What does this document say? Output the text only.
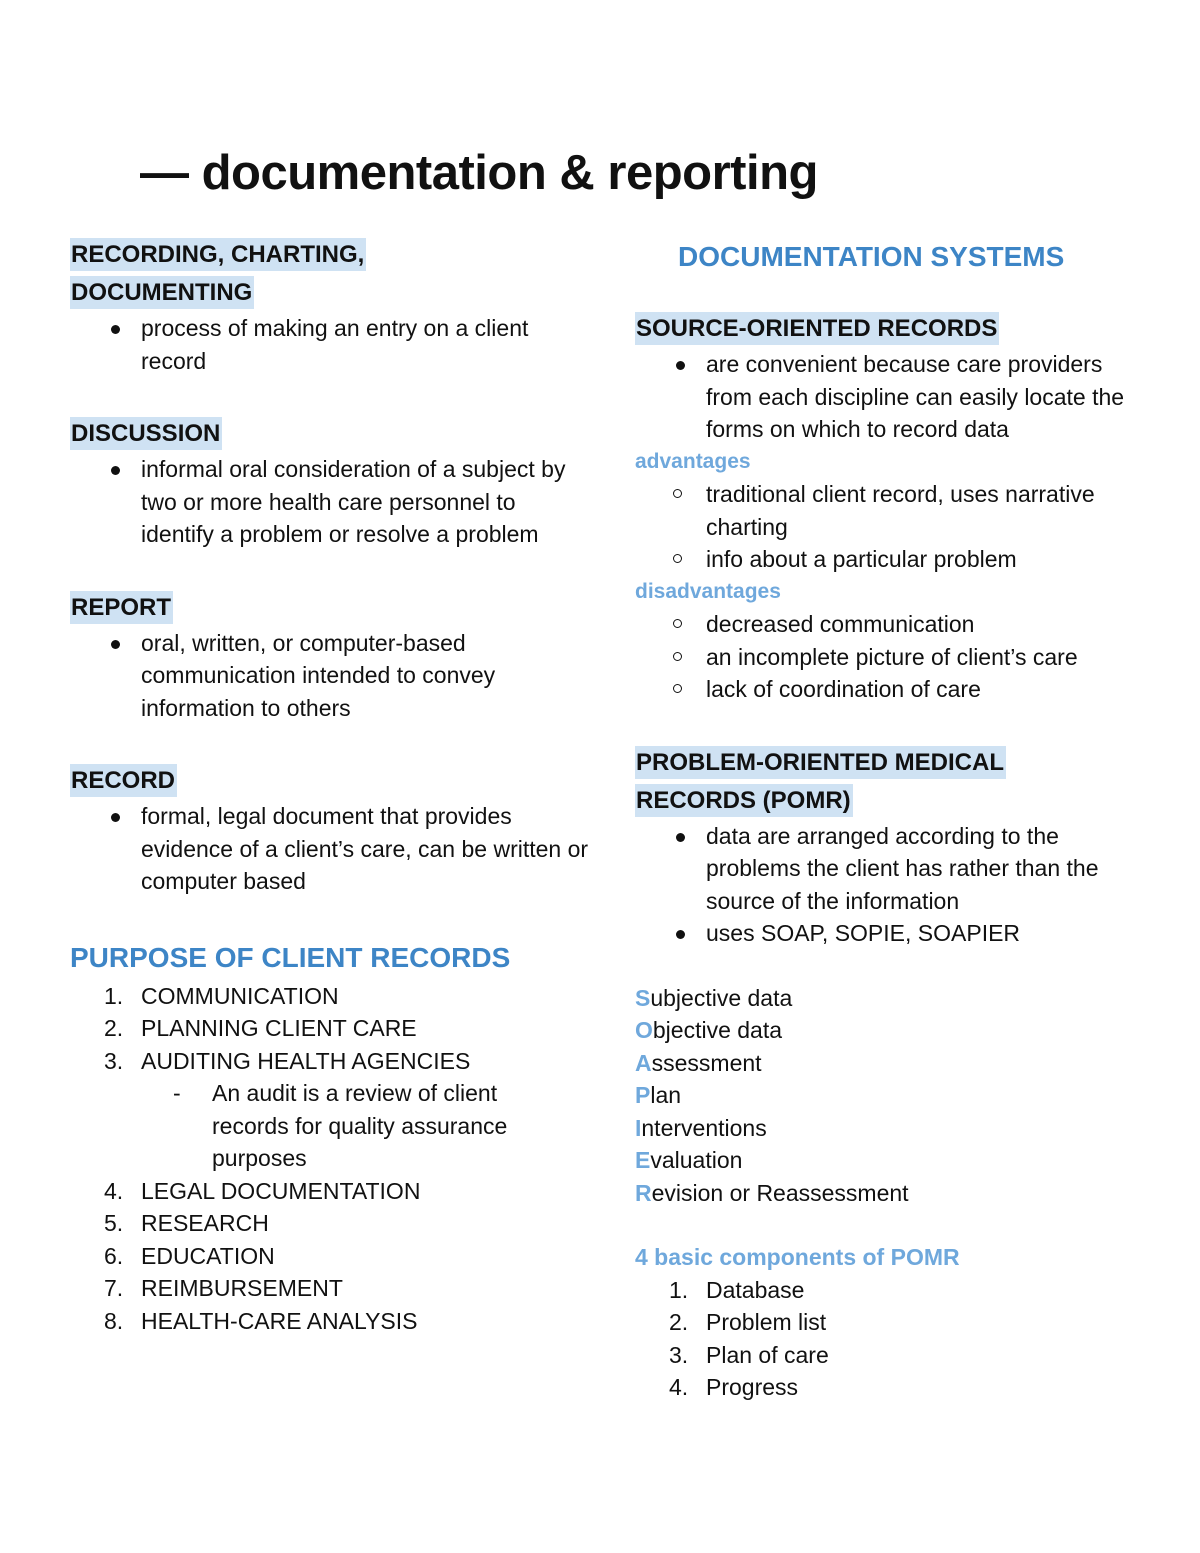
— documentation & reporting
RECORDING, CHARTING,
DOCUMENTING
process of making an entry on a client record
DISCUSSION
informal oral consideration of a subject by two or more health care personnel to identify a problem or resolve a problem
REPORT
oral, written, or computer-based communication intended to convey information to others
RECORD
formal, legal document that provides evidence of a client’s care, can be written or computer based
PURPOSE OF CLIENT RECORDS
1. COMMUNICATION
2. PLANNING CLIENT CARE
3. AUDITING HEALTH AGENCIES
- An audit is a review of client records for quality assurance purposes
4. LEGAL DOCUMENTATION
5. RESEARCH
6. EDUCATION
7. REIMBURSEMENT
8. HEALTH-CARE ANALYSIS
DOCUMENTATION SYSTEMS
SOURCE-ORIENTED RECORDS
are convenient because care providers from each discipline can easily locate the forms on which to record data
advantages
traditional client record, uses narrative charting
info about a particular problem
disadvantages
decreased communication
an incomplete picture of client’s care
lack of coordination of care
PROBLEM-ORIENTED MEDICAL
RECORDS (POMR)
data are arranged according to the problems the client has rather than the source of the information
uses SOAP, SOPIE, SOAPIER
Subjective data
Objective data
Assessment
Plan
Interventions
Evaluation
Revision or Reassessment
4 basic components of POMR
1. Database
2. Problem list
3. Plan of care
4. Progress
